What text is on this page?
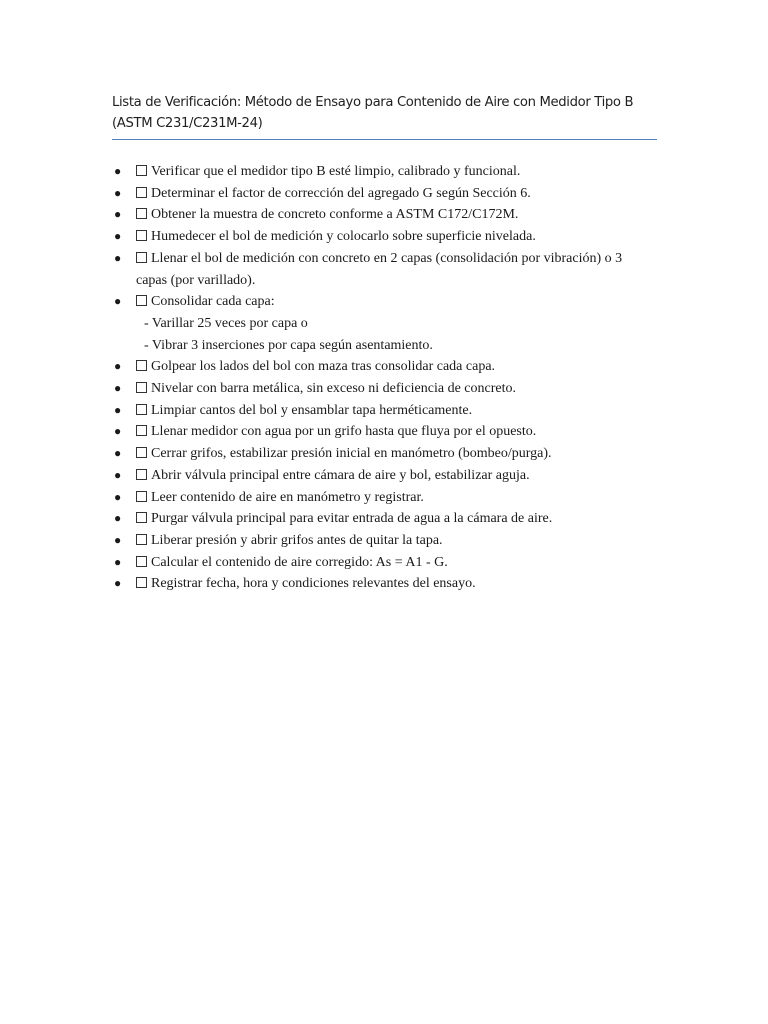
Lista de Verificación: Método de Ensayo para Contenido de Aire con Medidor Tipo B
(ASTM C231/C231M-24)
●	Verificar que el medidor tipo B esté limpio, calibrado y funcional.
●	Determinar el factor de corrección del agregado G según Sección 6.
●	Obtener la muestra de concreto conforme a ASTM C172/C172M.
●	Humedecer el bol de medición y colocarlo sobre superficie nivelada.
●	Llenar el bol de medición con concreto en 2 capas (consolidación por vibración) o 3
capas (por varillado).
●	Consolidar cada capa:
- Varillar 25 veces por capa o
- Vibrar 3 inserciones por capa según asentamiento.
●	Golpear los lados del bol con maza tras consolidar cada capa.
●	Nivelar con barra metálica, sin exceso ni deficiencia de concreto.
●	Limpiar cantos del bol y ensamblar tapa herméticamente.
●	Llenar medidor con agua por un grifo hasta que fluya por el opuesto.
●	Cerrar grifos, estabilizar presión inicial en manómetro (bombeo/purga).
●	Abrir válvula principal entre cámara de aire y bol, estabilizar aguja.
●	Leer contenido de aire en manómetro y registrar.
●	Purgar válvula principal para evitar entrada de agua a la cámara de aire.
●	Liberar presión y abrir grifos antes de quitar la tapa.
●	Calcular el contenido de aire corregido: As = A1 - G.
●	Registrar fecha, hora y condiciones relevantes del ensayo.
